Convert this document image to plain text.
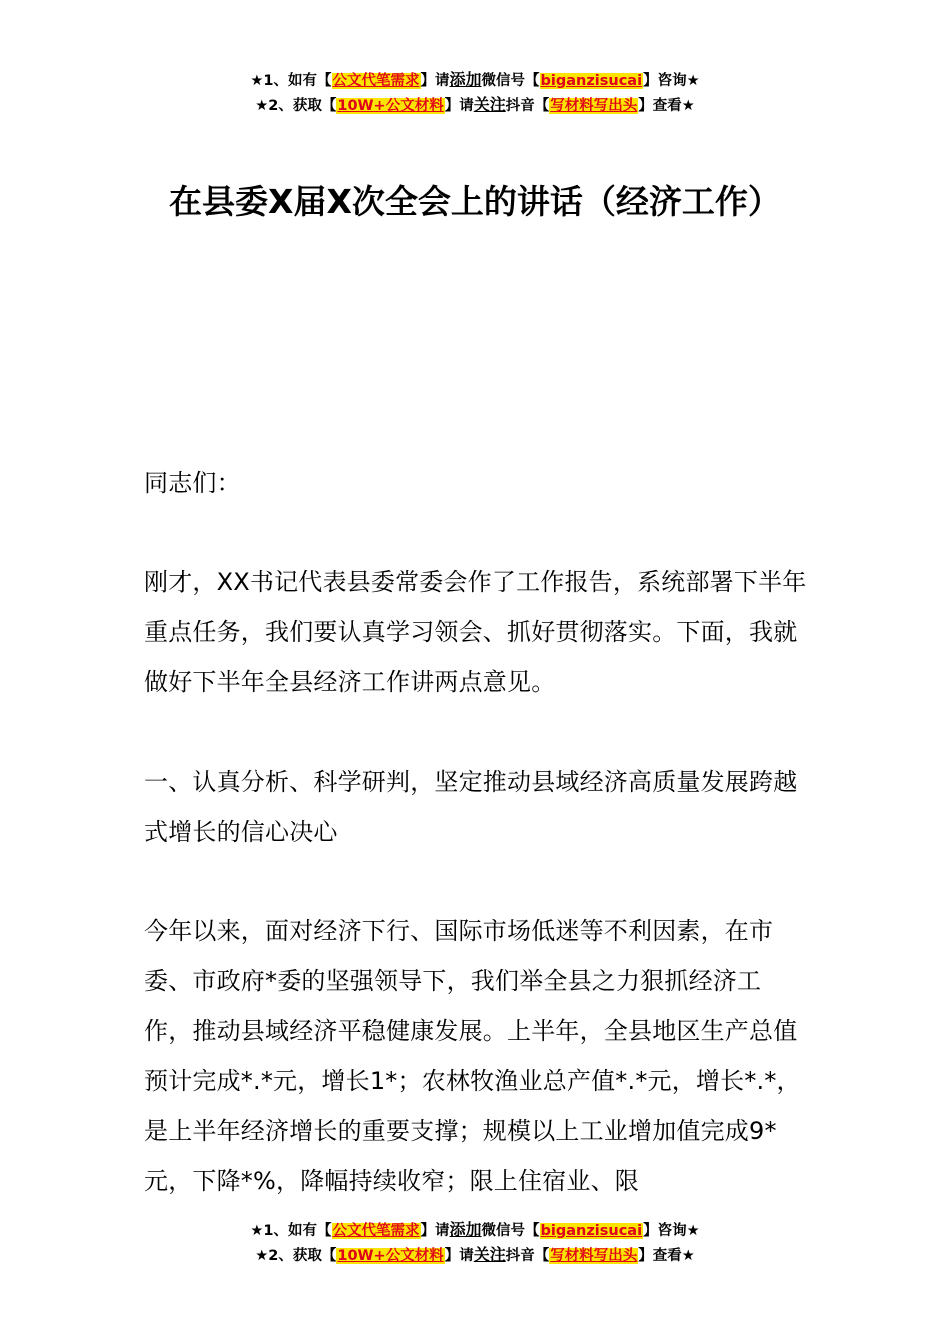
★1、如有【公文代笔需求】请添加微信号【biganzisucai】咨询★
★2、获取【10W+公文材料】请关注抖音【写材料写出头】查看★
在县委Ⅹ届Ⅹ次全会上的讲话（经济工作）

同志们：

刚才，XX书记代表县委常委会作了工作报告，系统部署下半年重点任务，我们要认真学习领会、抓好贯彻落实。下面，我就做好下半年全县经济工作讲两点意见。

一、认真分析、科学研判，坚定推动县域经济高质量发展跨越式增长的信心决心

今年以来，面对经济下行、国际市场低迷等不利因素，在市委、市政府*委的坚强领导下，我们举全县之力狠抓经济工作，推动县域经济平稳健康发展。上半年，全县地区生产总值预计完成*.*元，增长1*；农林牧渔业总产值*.*元，增长*.*，是上半年经济增长的重要支撑；规模以上工业增加值完成9*元，下降*%，降幅持续收窄；限上住宿业、限

★1、如有【公文代笔需求】请添加微信号【biganzisucai】咨询★
★2、获取【10W+公文材料】请关注抖音【写材料写出头】查看★
